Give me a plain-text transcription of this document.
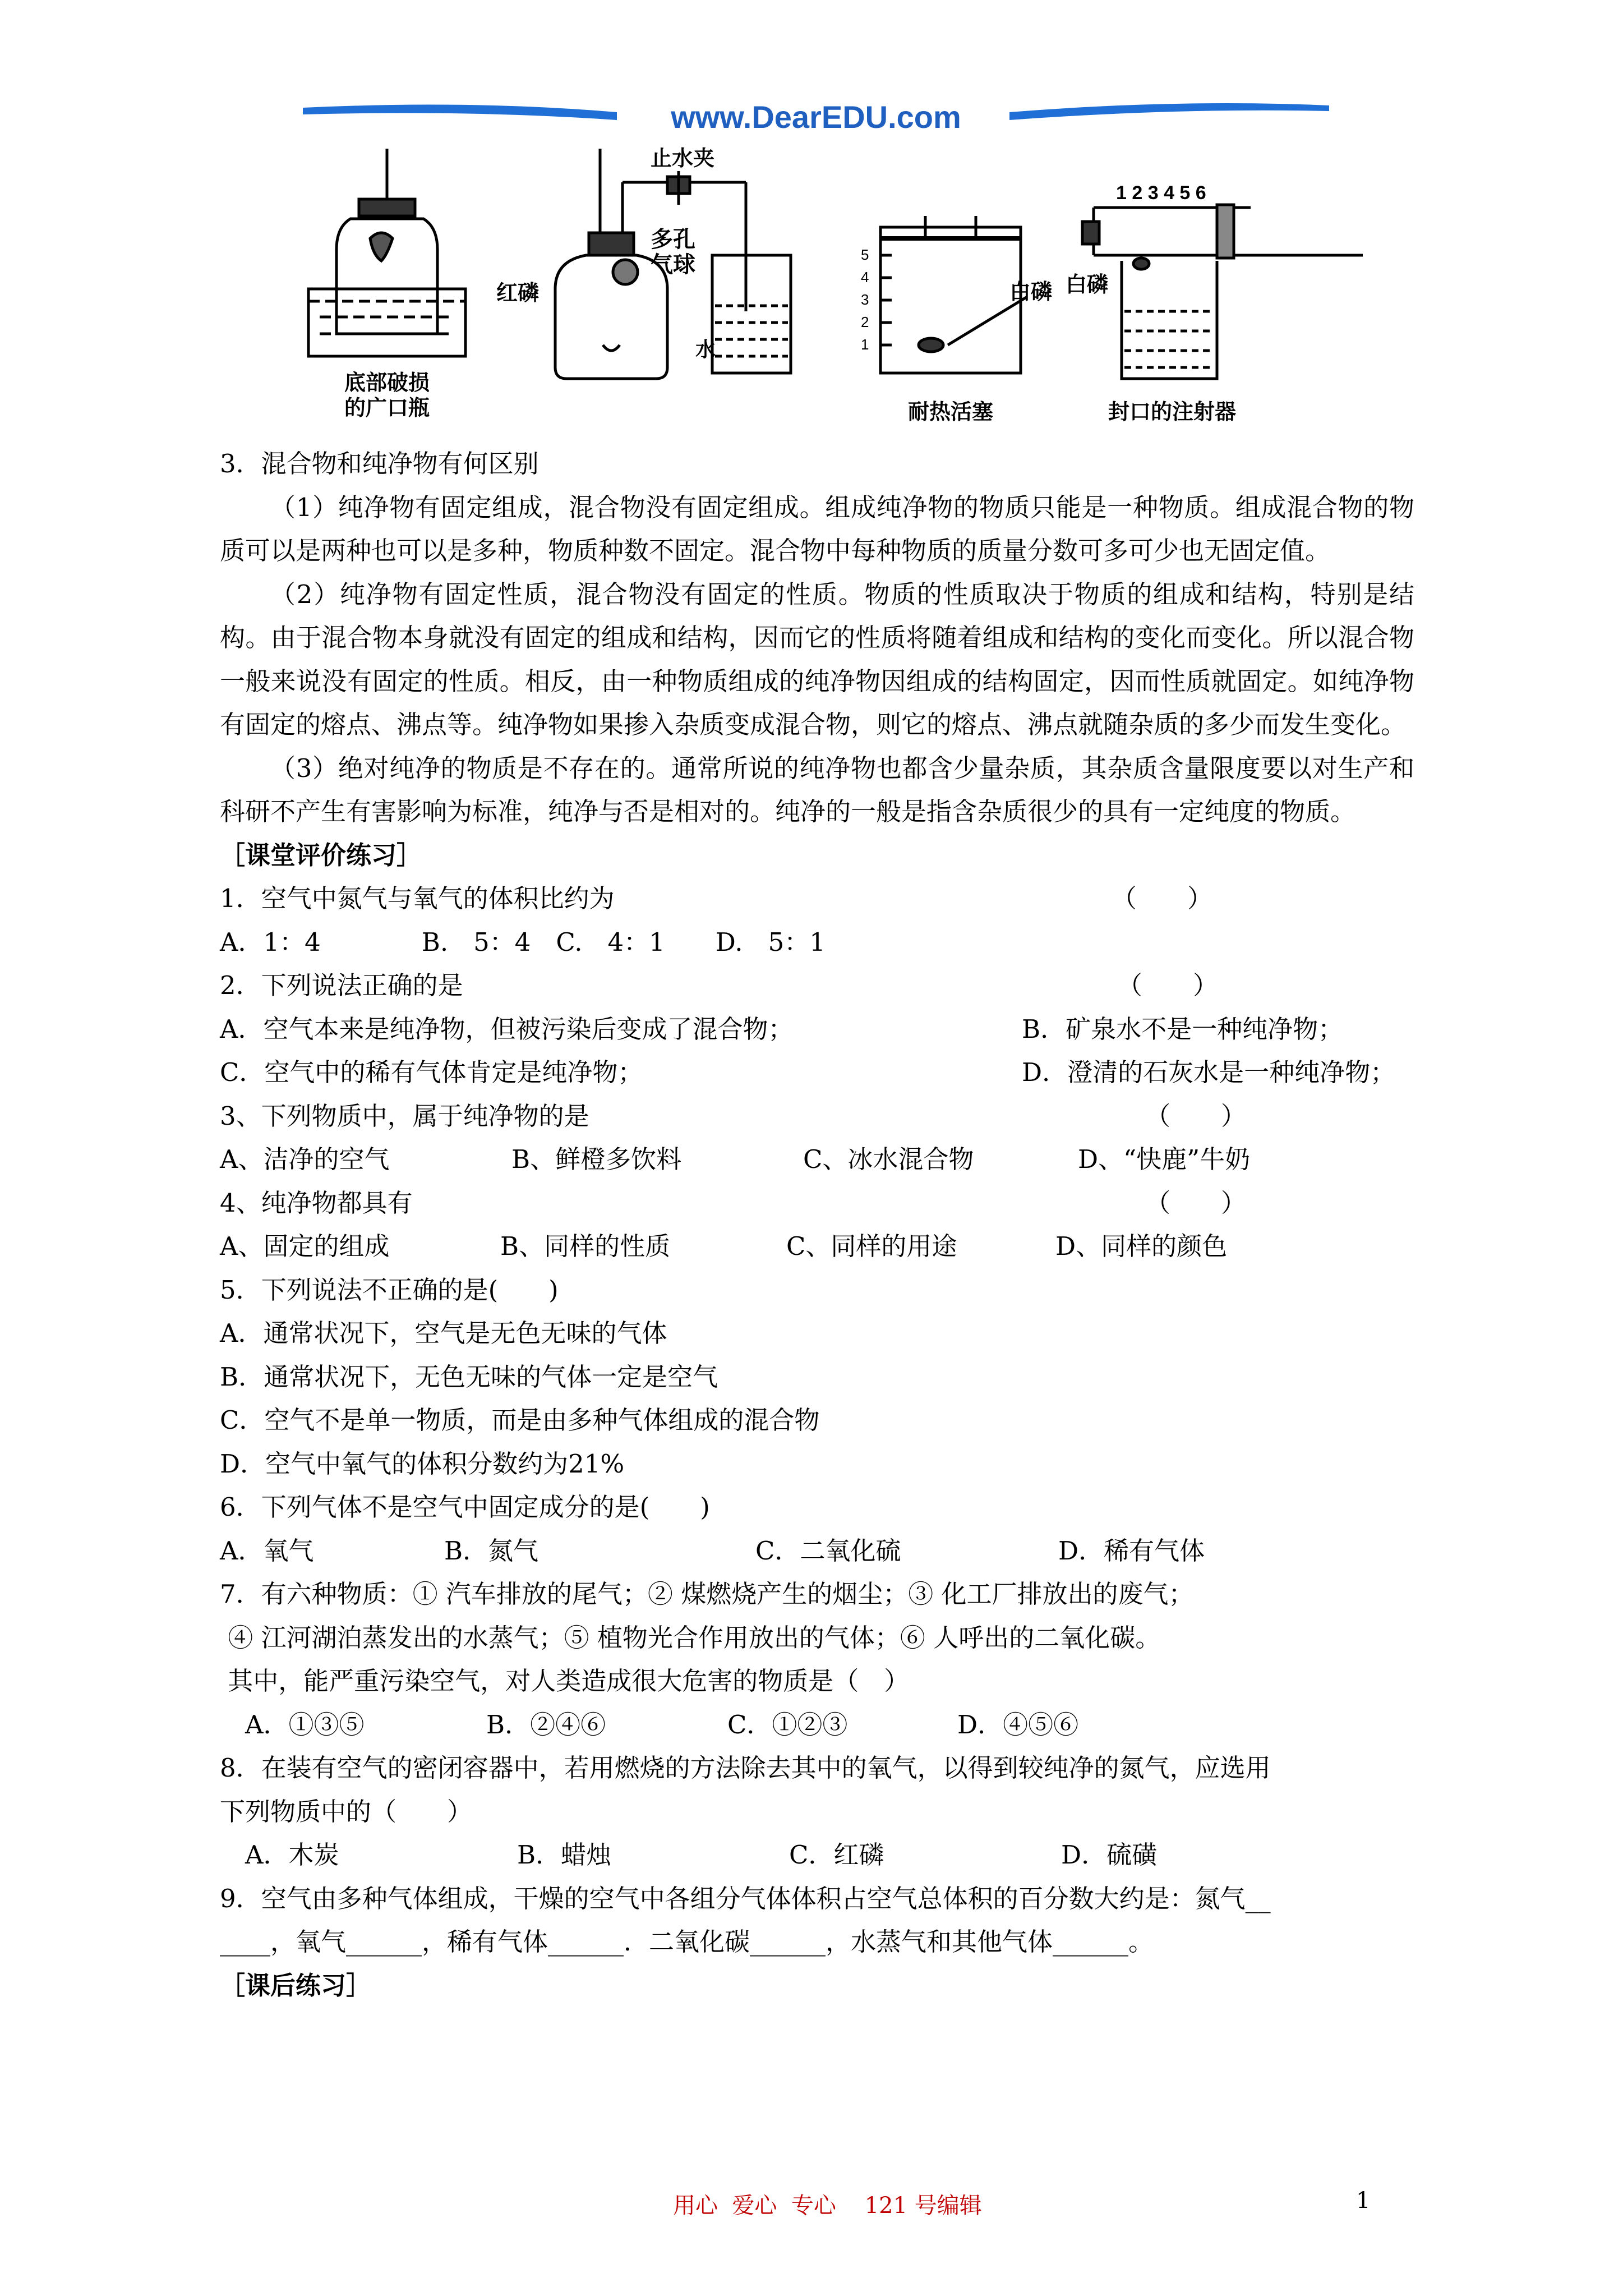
www.DearEDU.com
底部破损
的广口瓶
止水夹
多孔
气球
红磷
水
5
4
3
2
1
白磷
耐热活塞
1 2 3 4 5 6
白磷
封口的注射器
3．混合物和纯净物有何区别
（1）纯净物有固定组成，混合物没有固定组成。组成纯净物的物质只能是一种物质。组成混合物的物质可以是两种也可以是多种，物质种数不固定。混合物中每种物质的质量分数可多可少也无固定值。
（2）纯净物有固定性质，混合物没有固定的性质。物质的性质取决于物质的组成和结构，特别是结构。由于混合物本身就没有固定的组成和结构，因而它的性质将随着组成和结构的变化而变化。所以混合物一般来说没有固定的性质。相反，由一种物质组成的纯净物因组成的结构固定，因而性质就固定。如纯净物有固定的熔点、沸点等。纯净物如果掺入杂质变成混合物，则它的熔点、沸点就随杂质的多少而发生变化。
（3）绝对纯净的物质是不存在的。通常所说的纯净物也都含少量杂质，其杂质含量限度要以对生产和科研不产生有害影响为标准，纯净与否是相对的。纯净的一般是指含杂质很少的具有一定纯度的物质。
［课堂评价练习］
1．空气中氮气与氧气的体积比约为	（　　）
A．1：4　　　　B.　5：4　C.　4：1　　D.　5：1
2．下列说法正确的是	（　　）
A．空气本来是纯净物，但被污染后变成了混合物；	B．矿泉水不是一种纯净物；
C．空气中的稀有气体肯定是纯净物；	D．澄清的石灰水是一种纯净物；
3、下列物质中，属于纯净物的是	（　　）
A、洁净的空气	B、鲜橙多饮料	C、冰水混合物	D、“快鹿”牛奶
4、纯净物都具有	（　　）
A、固定的组成	B、同样的性质	C、同样的用途	D、同样的颜色
5．下列说法不正确的是(　　)
A．通常状况下，空气是无色无味的气体
B．通常状况下，无色无味的气体一定是空气
C．空气不是单一物质，而是由多种气体组成的混合物
D．空气中氧气的体积分数约为21%
6．下列气体不是空气中固定成分的是(　　)
A．氧气	B．氮气	C．二氧化硫	D．稀有气体
7．有六种物质：① 汽车排放的尾气；② 煤燃烧产生的烟尘；③ 化工厂排放出的废气；
④ 江河湖泊蒸发出的水蒸气；⑤ 植物光合作用放出的气体；⑥ 人呼出的二氧化碳。
其中，能严重污染空气，对人类造成很大危害的物质是（　）
A．①③⑤	B．②④⑥	C．①②③	D．④⑤⑥
8．在装有空气的密闭容器中，若用燃烧的方法除去其中的氧气，以得到较纯净的氮气，应选用
下列物质中的（　　）
A．木炭	B．蜡烛	C．红磷	D．硫磺
9．空气由多种气体组成，干燥的空气中各组分气体体积占空气总体积的百分数大约是：氮气__
____，氧气______，稀有气体______．二氧化碳______，水蒸气和其他气体______。
［课后练习］
用心  爱心  专心    121 号编辑	1
